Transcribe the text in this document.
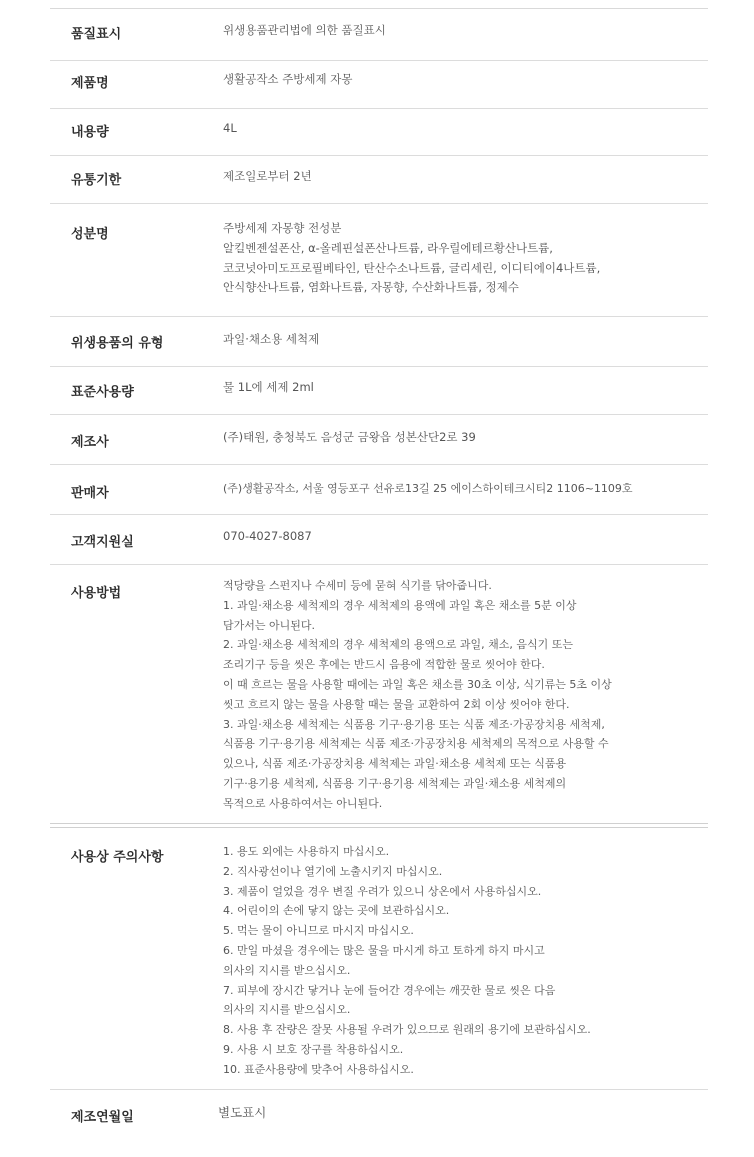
품질표시	위생용품관리법에 의한 품질표시
제품명	생활공작소 주방세제 자몽
내용량	4L
유통기한	제조일로부터 2년
성분명	주방세제 자몽향 전성분
알킬벤젠설폰산, α-올레핀설폰산나트륨, 라우릴에테르황산나트륨,
코코넛아미도프로필베타인, 탄산수소나트륨, 글리세린, 이디티에이4나트륨,
안식향산나트륨, 염화나트륨, 자몽향, 수산화나트륨, 정제수
위생용품의 유형	과일·채소용 세척제
표준사용량	물 1L에 세제 2ml
제조사	(주)태원, 충청북도 음성군 금왕읍 성본산단2로 39
판매자	(주)생활공작소, 서울 영등포구 선유로13길 25 에이스하이테크시티2 1106~1109호
고객지원실	070-4027-8087
사용방법
적당량을 스펀지나 수세미 등에 묻혀 식기를 닦아줍니다.
1. 과일·채소용 세척제의 경우 세척제의 용액에 과일 혹은 채소를 5분 이상
담가서는 아니된다.
2. 과일·채소용 세척제의 경우 세척제의 용액으로 과일, 채소, 음식기 또는
조리기구 등을 씻은 후에는 반드시 음용에 적합한 물로 씻어야 한다.
이 때 흐르는 물을 사용할 때에는 과일 혹은 채소를 30초 이상, 식기류는 5초 이상
씻고 흐르지 않는 물을 사용할 때는 물을 교환하여 2회 이상 씻어야 한다.
3. 과일·채소용 세척제는 식품용 기구·용기용 또는 식품 제조·가공장치용 세척제,
식품용 기구·용기용 세척제는 식품 제조·가공장치용 세척제의 목적으로 사용할 수
있으나, 식품 제조·가공장치용 세척제는 과일·채소용 세척제 또는 식품용
기구·용기용 세척제, 식품용 기구·용기용 세척제는 과일·채소용 세척제의
목적으로 사용하여서는 아니된다.
사용상 주의사항	1. 용도 외에는 사용하지 마십시오.
2. 직사광선이나 열기에 노출시키지 마십시오.
3. 제품이 얼었을 경우 변질 우려가 있으니 상온에서 사용하십시오.
4. 어린이의 손에 닿지 않는 곳에 보관하십시오.
5. 먹는 물이 아니므로 마시지 마십시오.
6. 만일 마셨을 경우에는 많은 물을 마시게 하고 토하게 하지 마시고
의사의 지시를 받으십시오.
7. 피부에 장시간 닿거나 눈에 들어간 경우에는 깨끗한 물로 씻은 다음
의사의 지시를 받으십시오.
8. 사용 후 잔량은 잘못 사용될 우려가 있으므로 원래의 용기에 보관하십시오.
9. 사용 시 보호 장구를 착용하십시오.
10. 표준사용량에 맞추어 사용하십시오.
제조연월일	별도표시
